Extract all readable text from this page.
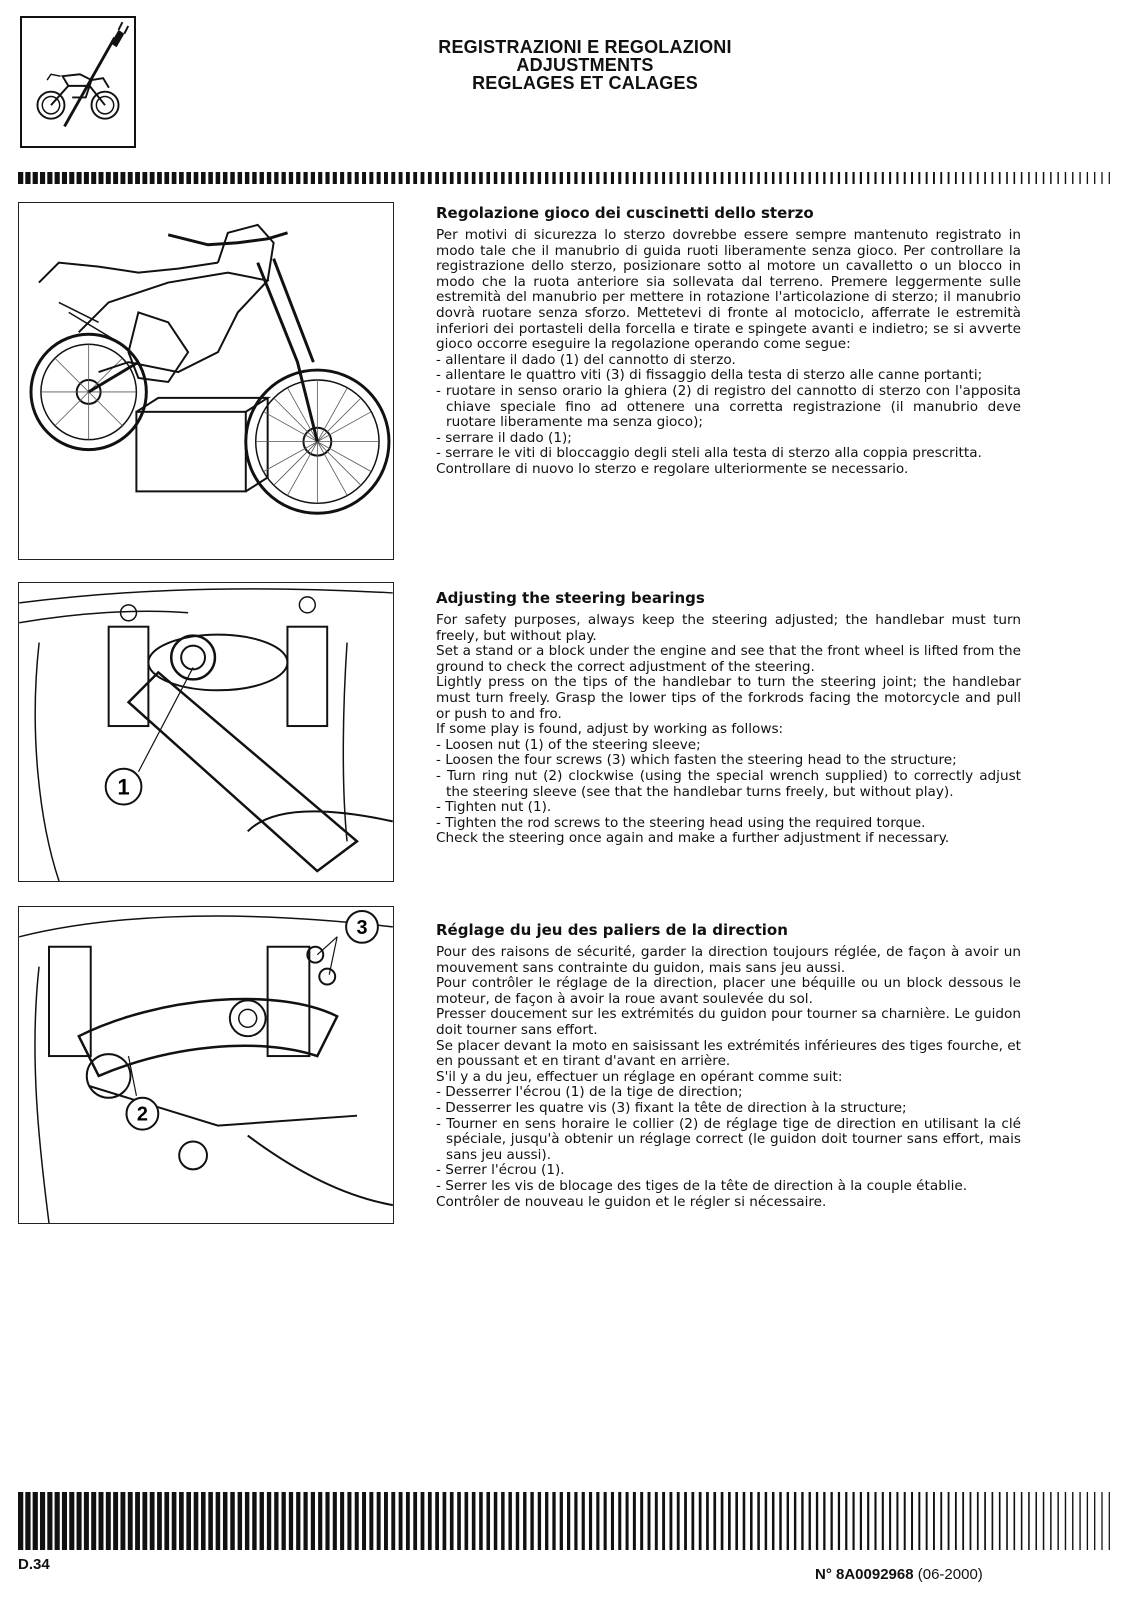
REGISTRAZIONI E REGOLAZIONI
ADJUSTMENTS
REGLAGES ET CALAGES
1
3
2
Regolazione gioco dei cuscinetti dello sterzo

Per motivi di sicurezza lo sterzo dovrebbe essere sempre mantenuto registrato in modo tale che il manubrio di guida ruoti liberamente senza gioco. Per controllare la registrazione dello sterzo, posizionare sotto al motore un cavalletto o un blocco in modo che la ruota anteriore sia sollevata dal terreno. Premere leggermente sulle estremità del manubrio per mettere in rotazione l'articolazione di sterzo; il manubrio dovrà ruotare senza sforzo. Mettetevi di fronte al motociclo, afferrate le estremità inferiori dei portasteli della forcella e tirate e spingete avanti e indietro; se si avverte gioco occorre eseguire la regolazione operando come segue:

- allentare il dado (1) del cannotto di sterzo.
- allentare le quattro viti (3) di fissaggio della testa di sterzo alle canne portanti;
- ruotare in senso orario la ghiera (2) di registro del cannotto di sterzo con l'apposita chiave speciale fino ad ottenere una corretta registrazione (il manubrio deve ruotare liberamente ma senza gioco);
- serrare il dado (1);
- serrare le viti di bloccaggio degli steli alla testa di sterzo alla coppia prescritta.

Controllare di nuovo lo sterzo e regolare ulteriormente se necessario.

Adjusting the steering bearings

For safety purposes, always keep the steering adjusted; the handlebar must turn freely, but without play.
Set a stand or a block under the engine and see that the front wheel is lifted from the ground to check the correct adjustment of the steering.
Lightly press on the tips of the handlebar to turn the steering joint; the handlebar must turn freely. Grasp the lower tips of the forkrods facing the motorcycle and pull or push to and fro.
If some play is found, adjust by working as follows:

- Loosen nut (1) of the steering sleeve;
- Loosen the four screws (3) which fasten the steering head to the structure;
- Turn ring nut (2) clockwise (using the special wrench supplied) to correctly adjust the steering sleeve (see that the handlebar turns freely, but without play).
- Tighten nut (1).
- Tighten the rod screws to the steering head using the required torque.

Check the steering once again and make a further adjustment if necessary.

Réglage du jeu des paliers de la direction

Pour des raisons de sécurité, garder la direction toujours réglée, de façon à avoir un mouvement sans contrainte du guidon, mais sans jeu aussi.
Pour contrôler le réglage de la direction, placer une béquille ou un block dessous le moteur, de façon à avoir la roue avant soulevée du sol.
Presser doucement sur les extrémités du guidon pour tourner sa charnière. Le guidon doit tourner sans effort.
Se placer devant la moto en saisissant les extrémités inférieures des tiges fourche, et en poussant et en tirant d'avant en arrière.
S'il y a du jeu, effectuer un réglage en opérant comme suit:

- Desserrer l'écrou (1) de la tige de direction;
- Desserrer les quatre vis (3) fixant la tête de direction à la structure;
- Tourner en sens horaire le collier (2) de réglage tige de direction en utilisant la clé spéciale, jusqu'à obtenir un réglage correct (le guidon doit tourner sans effort, mais sans jeu aussi).
- Serrer l'écrou (1).
- Serrer les vis de blocage des tiges de la tête de direction à la couple établie.

Contrôler de nouveau le guidon et le régler si nécessaire.

D.34
N° 8A0092968 (06-2000)
